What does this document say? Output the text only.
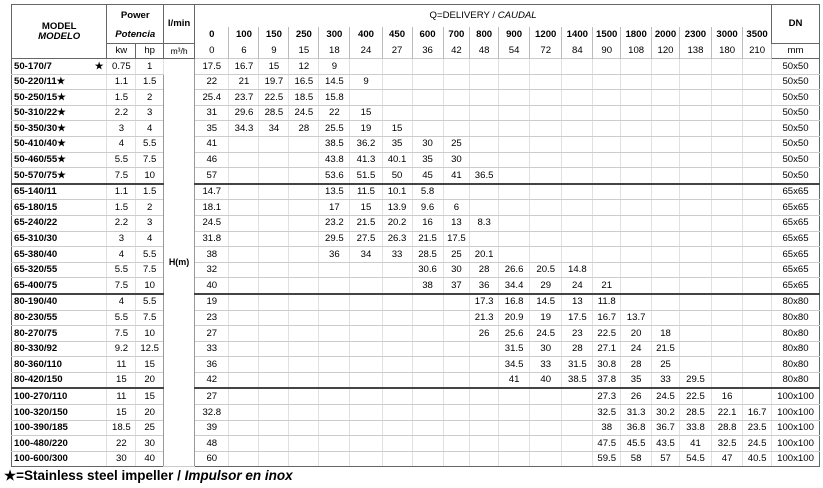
MODEL
MODELO	Power		l/min	Q=DELIVERY / CAUDAL																			DN
	Potencia			0	100	150	250	300	400	450	600	700	800	900	1200	1400	1500	1800	2000	2300	3000	3500	
	kw	hp	m³/h	0	6	9	15	18	24	27	36	42	48	54	72	84	90	108	120	138	180	210	mm
50-170/7 ★	0.75	1	H(m)	17.5	16.7	15	12	9															50x50
50-220/11★	1.1	1.5		22	21	19.7	16.5	14.5	9														50x50
50-250/15★	1.5	2		25.4	23.7	22.5	18.5	15.8															50x50
50-310/22★	2.2	3		31	29.6	28.5	24.5	22	15														50x50
50-350/30★	3	4		35	34.3	34	28	25.5	19	15													50x50
50-410/40★	4	5.5		41				38.5	36.2	35	30	25											50x50
50-460/55★	5.5	7.5		46				43.8	41.3	40.1	35	30											50x50
50-570/75★	7.5	10		57				53.6	51.5	50	45	41	36.5										50x50
65-140/11	1.1	1.5		14.7				13.5	11.5	10.1	5.8												65x65
65-180/15	1.5	2		18.1				17	15	13.9	9.6	6											65x65
65-240/22	2.2	3		24.5				23.2	21.5	20.2	16	13	8.3										65x65
65-310/30	3	4		31.8				29.5	27.5	26.3	21.5	17.5											65x65
65-380/40	4	5.5		38				36	34	33	28.5	25	20.1										65x65
65-320/55	5.5	7.5		32							30.6	30	28	26.6	20.5	14.8							65x65
65-400/75	7.5	10		40							38	37	36	34.4	29	24	21						65x65
80-190/40	4	5.5		19									17.3	16.8	14.5	13	11.8						80x80
80-230/55	5.5	7.5		23									21.3	20.9	19	17.5	16.7	13.7					80x80
80-270/75	7.5	10		27									26	25.6	24.5	23	22.5	20	18				80x80
80-330/92	9.2	12.5		33										31.5	30	28	27.1	24	21.5				80x80
80-360/110	11	15		36										34.5	33	31.5	30.8	28	25				80x80
80-420/150	15	20		42										41	40	38.5	37.8	35	33	29.5			80x80
100-270/110	11	15		27													27.3	26	24.5	22.5	16		100x100
100-320/150	15	20		32.8													32.5	31.3	30.2	28.5	22.1	16.7	100x100
100-390/185	18.5	25		39													38	36.8	36.7	33.8	28.8	23.5	100x100
100-480/220	22	30		48													47.5	45.5	43.5	41	32.5	24.5	100x100
100-600/300	30	40		60													59.5	58	57	54.5	47	40.5	100x100
★=Stainless steel impeller / Impulsor en inox
